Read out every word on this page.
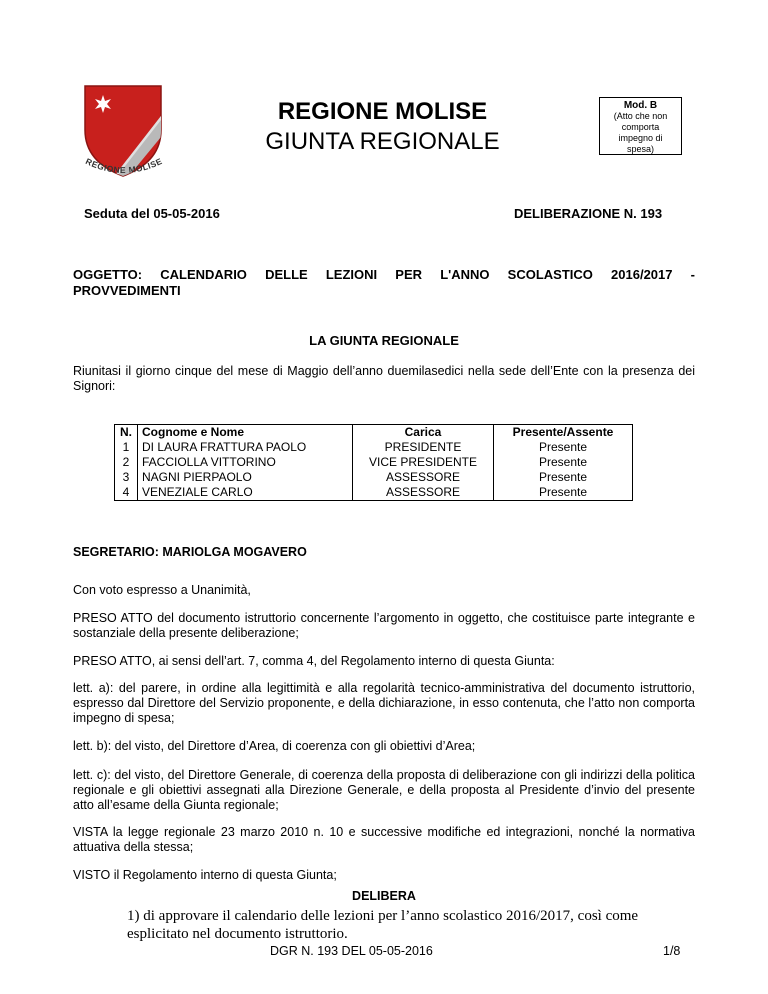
REGIONE MOLISE
REGIONE MOLISE
GIUNTA REGIONALE
Mod. B
(Atto che non
comporta
impegno di
spesa)
Seduta del 05-05-2016	DELIBERAZIONE N. 193
OGGETTO: CALENDARIO DELLE LEZIONI PER L'ANNO SCOLASTICO 2016/2017 -
PROVVEDIMENTI
LA GIUNTA REGIONALE
Riunitasi il giorno cinque del mese di Maggio dell’anno duemilasedici nella sede dell’Ente con la presenza dei Signori:
N.	Cognome e Nome	Carica	Presente/Assente
1	DI LAURA FRATTURA PAOLO	PRESIDENTE	Presente
2	FACCIOLLA VITTORINO	VICE PRESIDENTE	Presente
3	NAGNI PIERPAOLO	ASSESSORE	Presente
4	VENEZIALE CARLO	ASSESSORE	Presente
SEGRETARIO: MARIOLGA MOGAVERO
Con voto espresso a Unanimità,
PRESO ATTO del documento istruttorio concernente l’argomento in oggetto, che costituisce parte integrante e sostanziale della presente deliberazione;
PRESO ATTO, ai sensi dell’art. 7, comma 4, del Regolamento interno di questa Giunta:
lett. a): del parere, in ordine alla legittimità e alla regolarità tecnico-amministrativa del documento istruttorio, espresso dal Direttore del Servizio proponente, e della dichiarazione, in esso contenuta, che l’atto non comporta impegno di spesa;
lett. b): del visto, del Direttore d’Area, di coerenza con gli obiettivi d’Area;
lett. c): del visto, del Direttore Generale, di coerenza della proposta di deliberazione con gli indirizzi della politica regionale e gli obiettivi assegnati alla Direzione Generale, e della proposta al Presidente d’invio del presente atto all’esame della Giunta regionale;
VISTA la legge regionale 23 marzo 2010 n. 10 e successive modifiche ed integrazioni, nonché la normativa attuativa della stessa;
VISTO il Regolamento interno di questa Giunta;
DELIBERA
1) di approvare il calendario delle lezioni per l’anno scolastico 2016/2017, così come esplicitato nel documento istruttorio.
DGR N. 193 DEL 05-05-2016	1/8
